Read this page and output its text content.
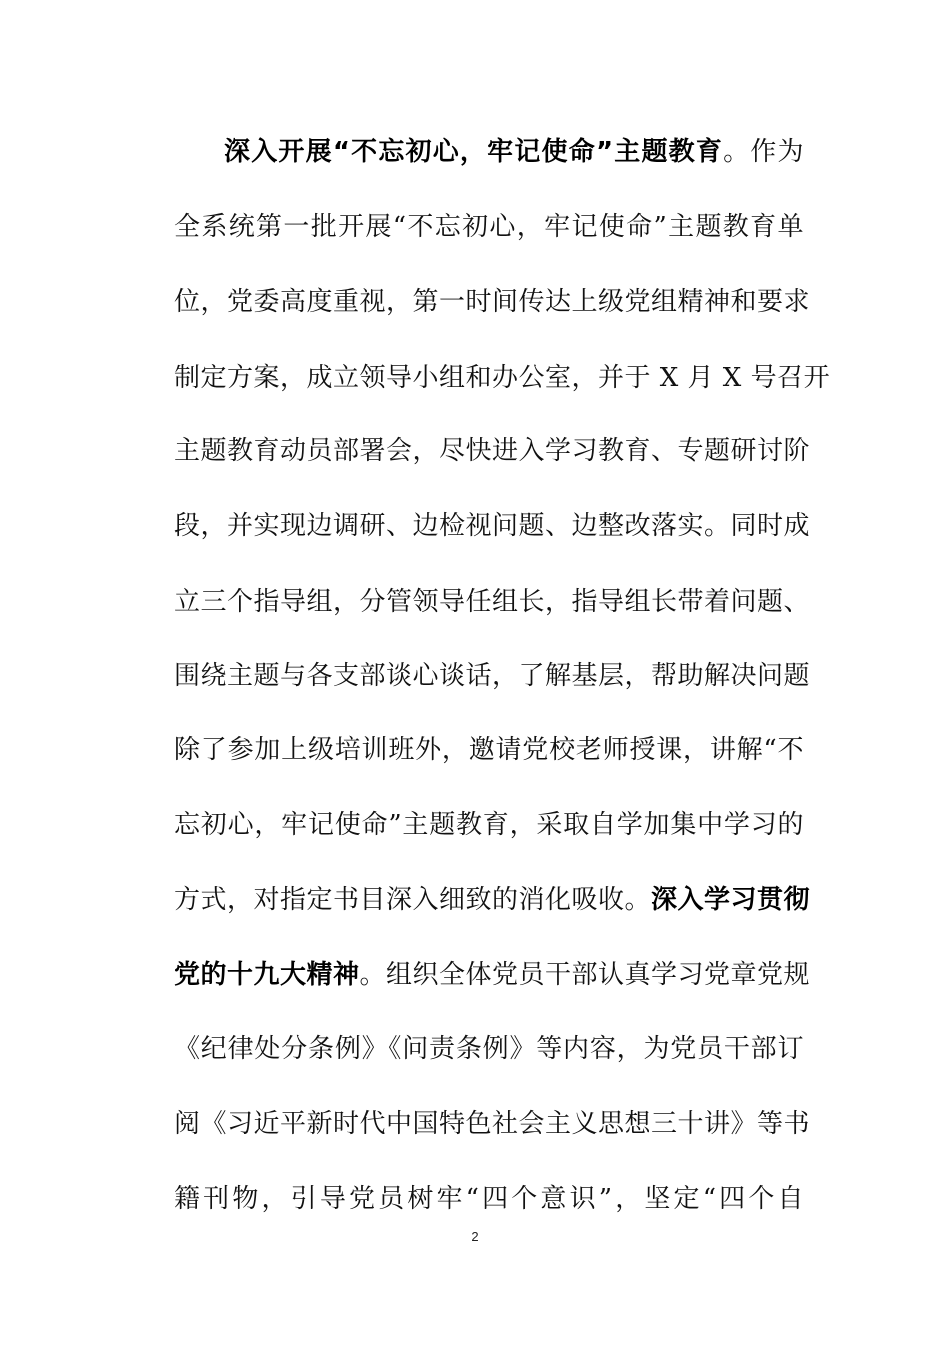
深入开展“不忘初心，牢记使命”主题教育。作为
全系统第一批开展“不忘初心，牢记使命”主题教育单
位，党委高度重视，第一时间传达上级党组精神和要求
制定方案，成立领导小组和办公室，并于 X 月 X 号召开
主题教育动员部署会，尽快进入学习教育、专题研讨阶
段，并实现边调研、边检视问题、边整改落实。同时成
立三个指导组，分管领导任组长，指导组长带着问题、
围绕主题与各支部谈心谈话，了解基层，帮助解决问题
除了参加上级培训班外，邀请党校老师授课，讲解“不
忘初心，牢记使命”主题教育，采取自学加集中学习的
方式，对指定书目深入细致的消化吸收。深入学习贯彻
党的十九大精神。组织全体党员干部认真学习党章党规
《纪律处分条例》《问责条例》等内容，为党员干部订
阅《习近平新时代中国特色社会主义思想三十讲》等书
籍刊物，引导党员树牢“四个意识”，坚定“四个自
2
